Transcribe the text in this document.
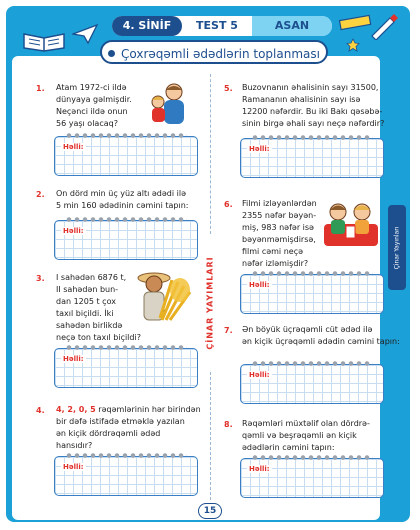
4. SİNİF	TEST 5	ASAN
Çoxrəqəmli ədədlərin toplanması
ÇİNAR YAYIMLARI
Çinar Yayınları
1. Atam 1972-ci ildə
dünyaya gəlmişdir.
Neçənci ildə onun
56 yaşı olacaq?
Həlli:
2. On dörd min üç yüz altı ədədi ilə
5 min 160 ədədinin cəmini tapın:
Həlli:
3. I sahədən 6876 t,
II sahədən bun-
dan 1205 t çox
taxıl biçildi. İki
sahədən birlikdə
neçə ton taxıl biçildi?
Həlli:
4. 4, 2, 0, 5 rəqəmlərinin hər birindən
bir dəfə istifadə etməklə yazılan
ən kiçik dördrəqəmli ədəd
hansıdır?
Həlli:
5. Buzovnanın əhalisinin sayı 31500,
Ramananın əhalisinin sayı isə
12200 nəfərdir. Bu iki Bakı qəsəbə-
sinin birgə əhali sayı neçə nəfərdir?
Həlli:
6. Filmi izləyənlərdən
2355 nəfər bəyən-
miş, 983 nəfər isə
bəyənməmişdirsə,
filmi cəmi neçə
nəfər izləmişdir?
Həlli:
7. Ən böyük üçrəqəmli cüt ədəd ilə
ən kiçik üçrəqəmli ədədin cəmini tapın:
Həlli:
8. Rəqəmləri müxtəlif olan dördrə-
qəmli və beşrəqəmli ən kiçik
ədədlərin cəmini tapın:
Həlli:
15
